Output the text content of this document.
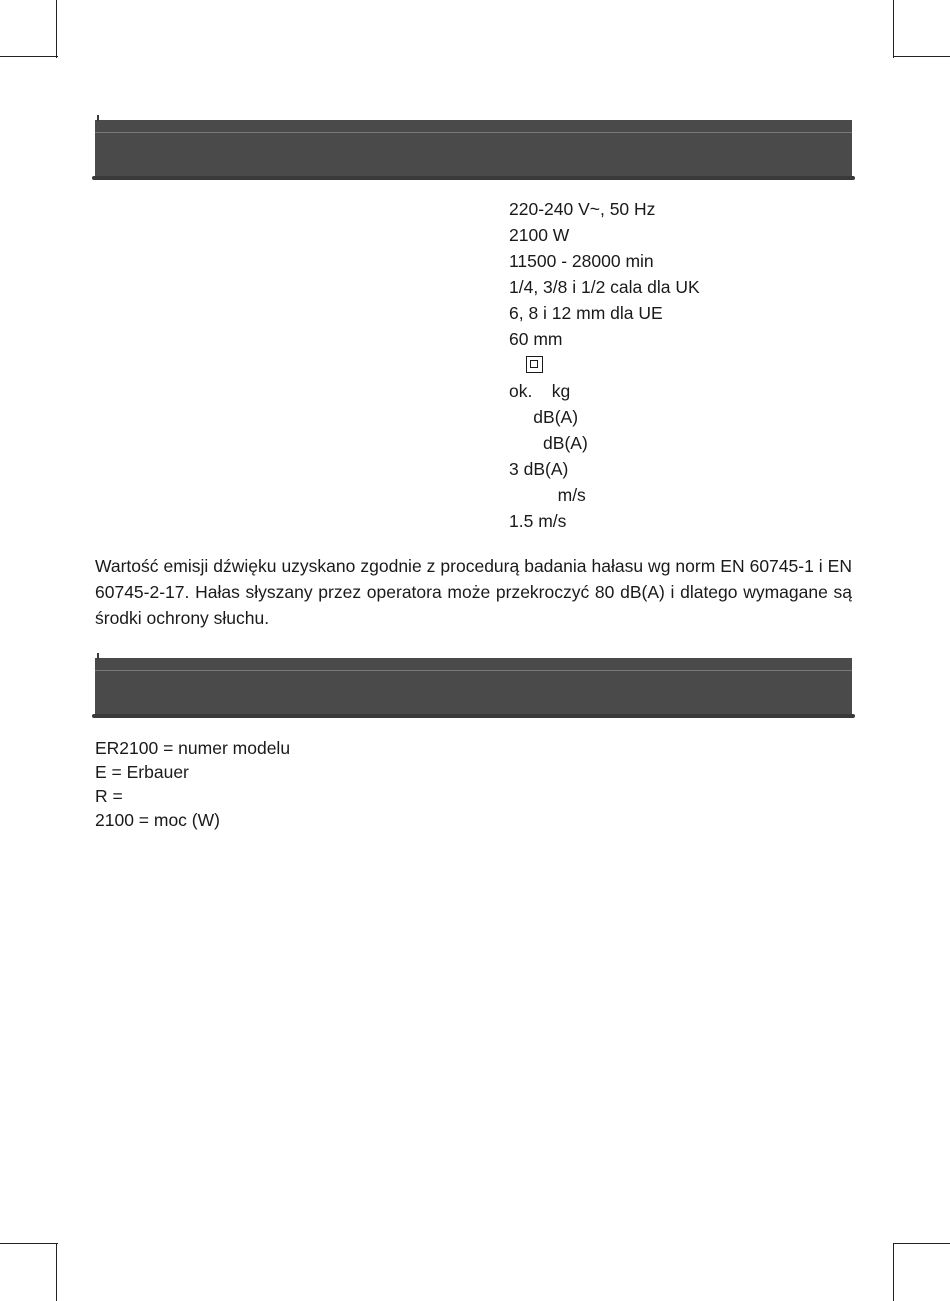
220-240 V~, 50 Hz
2100 W
11500 - 28000 min
1/4, 3/8 i 1/2 cala dla UK
6, 8 i 12 mm dla UE
60 mm
ok.    kg
dB(A)
dB(A)
3 dB(A)
m/s
1.5 m/s

Wartość emisji dźwięku uzyskano zgodnie z procedurą badania hałasu wg norm EN 60745-1 i EN 60745-2-17. Hałas słyszany przez operatora może przekroczyć 80 dB(A) i dlatego wymagane są środki ochrony słuchu.

ER2100 = numer modelu
E = Erbauer
R =
2100 = moc (W)
